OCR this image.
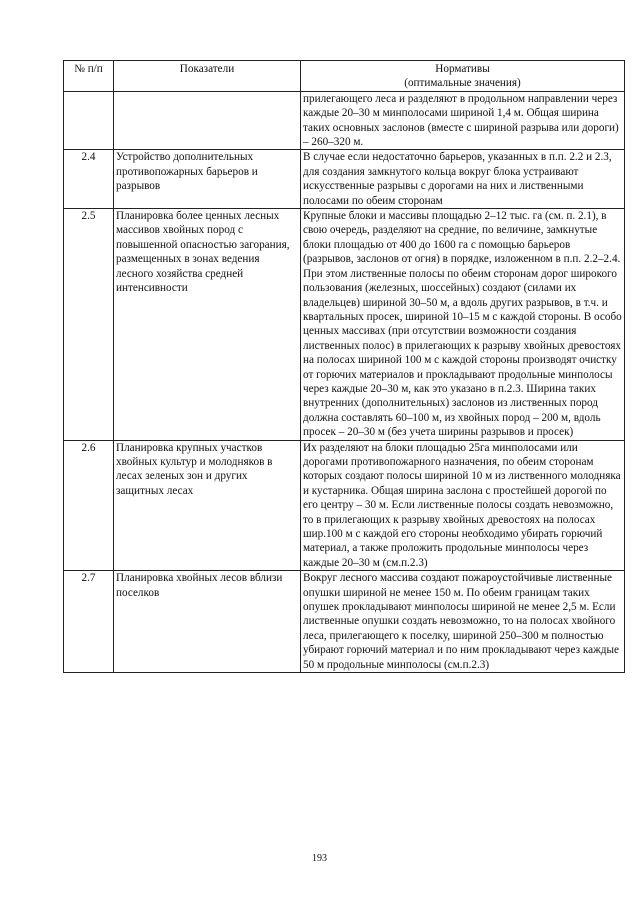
№ п/п	Показатели	Нормативы
(оптимальные значения)

		прилегающего леса и разделяют в продольном направлении через каждые 20–30 м минполосами шириной 1,4 м. Общая ширина таких основных заслонов (вместе с шириной разрыва или дороги) – 260–320 м.
2.4	Устройство дополнительных противопожарных барьеров и разрывов	В случае если недостаточно барьеров, указанных в п.п. 2.2 и 2.3, для создания замкнутого кольца вокруг блока устраивают искусственные разрывы с дорогами на них и лиственными полосами по обеим сторонам
2.5	Планировка более ценных лесных массивов хвойных пород с повышенной опасностью загорания, размещенных в зонах ведения лесного хозяйства средней интенсивности	Крупные блоки и массивы площадью 2–12 тыс. га (см. п. 2.1), в свою очередь, разделяют на средние, по величине, замкнутые блоки площадью от 400 до 1600 га с помощью барьеров (разрывов, заслонов от огня) в порядке, изложенном в п.п. 2.2–2.4. При этом лиственные полосы по обеим сторонам дорог широкого пользования (железных, шоссейных) создают (силами их владельцев) шириной 30–50 м, а вдоль других разрывов, в т.ч. и квартальных просек, шириной 10–15 м с каждой стороны. В особо ценных массивах (при отсутствии возможности создания лиственных полос) в прилегающих к разрыву хвойных древостоях на полосах шириной 100 м с каждой стороны производят очистку от горючих материалов и прокладывают продольные минполосы через каждые 20–30 м, как это указано в п.2.3. Ширина таких внутренних (дополнительных) заслонов из лиственных пород должна составлять 60–100 м, из хвойных пород – 200 м, вдоль просек – 20–30 м (без учета ширины разрывов и просек)
2.6	Планировка крупных участков хвойных культур и молодняков в лесах зеленых зон и других защитных лесах	Их разделяют на блоки площадью 25га минполосами или дорогами противопожарного назначения, по обеим сторонам которых создают полосы шириной 10 м из лиственного молодняка и кустарника. Общая ширина заслона с простейшей дорогой по его центру – 30 м. Если лиственные полосы создать невозможно, то в прилегающих к разрыву хвойных древостоях на полосах шир.100 м с каждой его стороны необходимо убирать горючий материал, а также проложить продольные минполосы через каждые 20–30 м (см.п.2.3)
2.7	Планировка хвойных лесов вблизи поселков	Вокруг лесного массива создают пожароустойчивые лиственные опушки шириной не менее 150 м. По обеим границам таких опушек прокладывают минполосы шириной не менее 2,5 м. Если лиственные опушки создать невозможно, то на полосах хвойного леса, прилегающего к поселку, шириной 250–300 м полностью убирают горючий материал и по ним прокладывают через каждые 50 м продольные минполосы (см.п.2.3)
193
